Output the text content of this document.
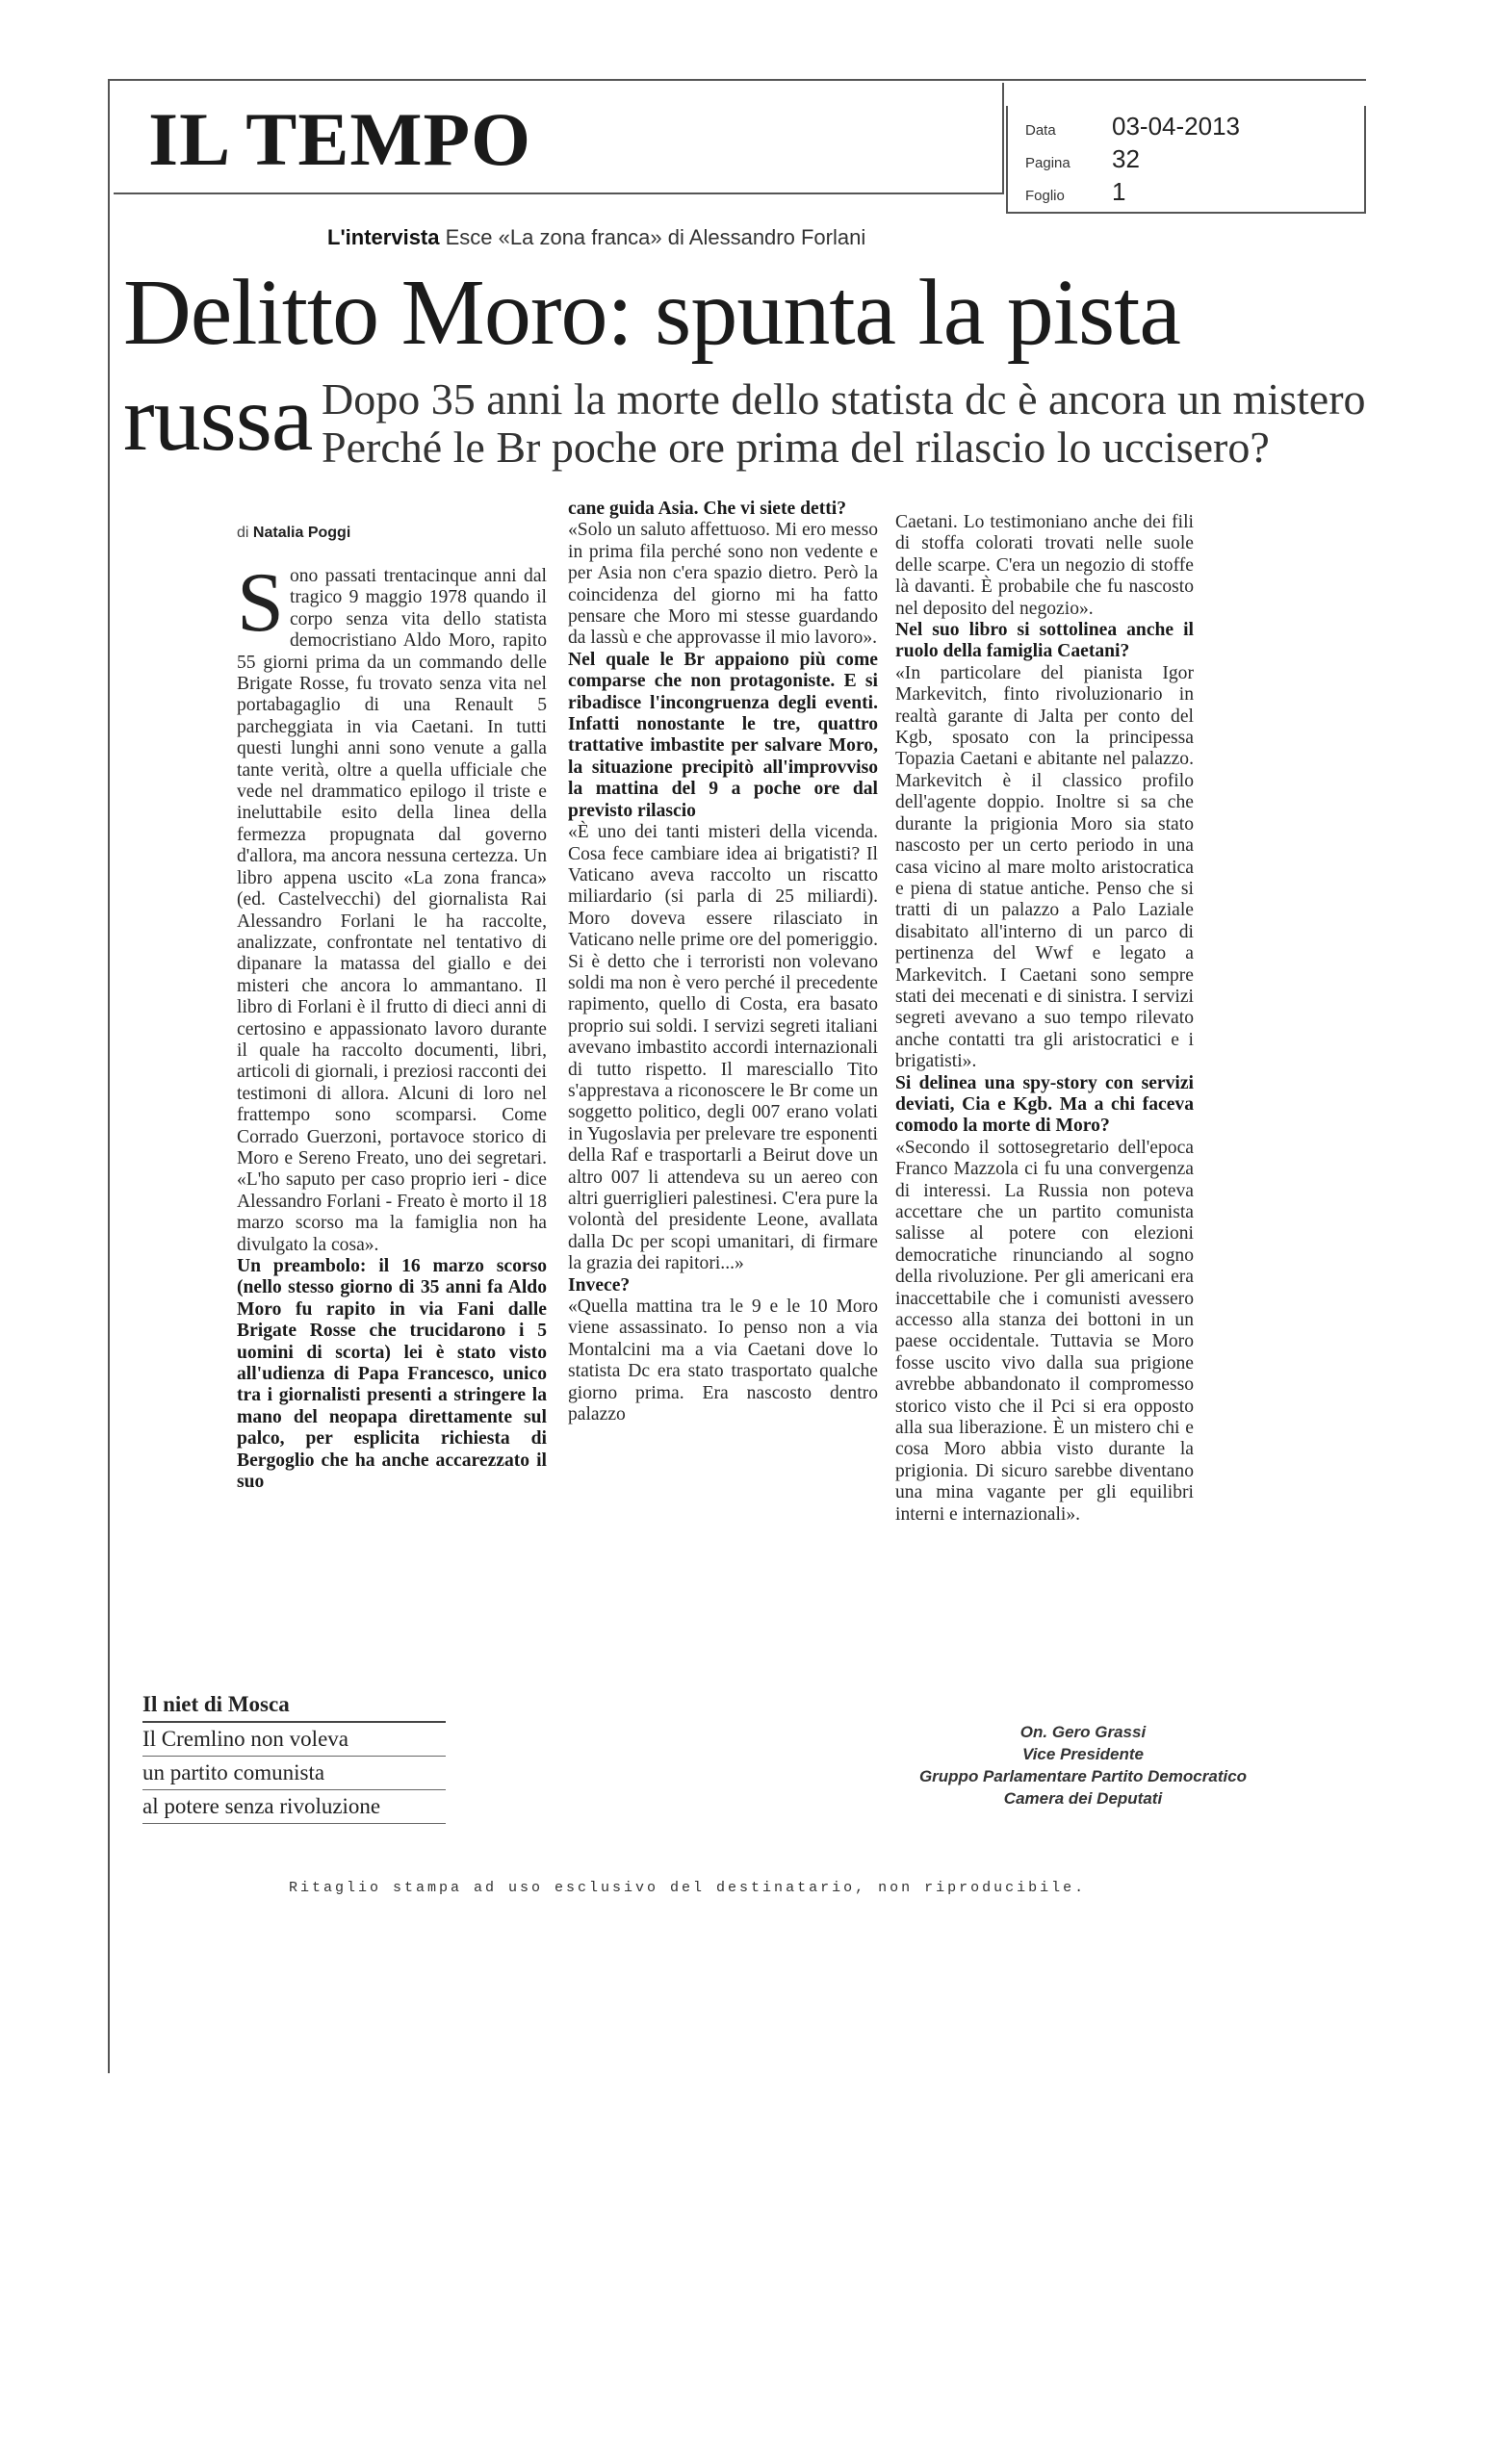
IL TEMPO	Data 03-04-2013
Pagina 32
Foglio 1
L'intervista Esce «La zona franca» di Alessandro Forlani
Delitto Moro: spunta la pista russa Dopo 35 anni la morte dello statista dc è ancora un mistero
Perché le Br poche ore prima del rilascio lo uccisero?
di Natalia Poggi

Sono passati trentacinque anni dal tragico 9 maggio 1978 quando il corpo senza vita dello statista democristiano Aldo Moro, rapito 55 giorni prima da un commando delle Brigate Rosse, fu trovato senza vita nel portabagaglio di una Renault 5 parcheggiata in via Caetani. In tutti questi lunghi anni sono venute a galla tante verità, oltre a quella ufficiale che vede nel drammatico epilogo il triste e ineluttabile esito della linea della fermezza propugnata dal governo d'allora, ma ancora nessuna certezza. Un libro appena uscito «La zona franca» (ed. Castelvecchi) del giornalista Rai Alessandro Forlani le ha raccolte, analizzate, confrontate nel tentativo di dipanare la matassa del giallo e dei misteri che ancora lo ammantano. Il libro di Forlani è il frutto di dieci anni di certosino e appassionato lavoro durante il quale ha raccolto documenti, libri, articoli di giornali, i preziosi racconti dei testimoni di allora. Alcuni di loro nel frattempo sono scomparsi. Come Corrado Guerzoni, portavoce storico di Moro e Sereno Freato, uno dei segretari. «L'ho saputo per caso proprio ieri - dice Alessandro Forlani - Freato è morto il 18 marzo scorso ma la famiglia non ha divulgato la cosa».

Un preambolo: il 16 marzo scorso (nello stesso giorno di 35 anni fa Aldo Moro fu rapito in via Fani dalle Brigate Rosse che trucidarono i 5 uomini di scorta) lei è stato visto all'udienza di Papa Francesco, unico tra i giornalisti presenti a stringere la mano del neopapa direttamente sul palco, per esplicita richiesta di Bergoglio che ha anche accarezzato il suo

cane guida Asia. Che vi siete detti?

«Solo un saluto affettuoso. Mi ero messo in prima fila perché sono non vedente e per Asia non c'era spazio dietro. Però la coincidenza del giorno mi ha fatto pensare che Moro mi stesse guardando da lassù e che approvasse il mio lavoro».

Nel quale le Br appaiono più come comparse che non protagoniste. E si ribadisce l'incongruenza degli eventi. Infatti nonostante le tre, quattro trattative imbastite per salvare Moro, la situazione precipitò all'improvviso la mattina del 9 a poche ore dal previsto rilascio

«È uno dei tanti misteri della vicenda. Cosa fece cambiare idea ai brigatisti? Il Vaticano aveva raccolto un riscatto miliardario (si parla di 25 miliardi). Moro doveva essere rilasciato in Vaticano nelle prime ore del pomeriggio. Si è detto che i terroristi non volevano soldi ma non è vero perché il precedente rapimento, quello di Costa, era basato proprio sui soldi. I servizi segreti italiani avevano imbastito accordi internazionali di tutto rispetto. Il maresciallo Tito s'apprestava a riconoscere le Br come un soggetto politico, degli 007 erano volati in Yugoslavia per prelevare tre esponenti della Raf e trasportarli a Beirut dove un altro 007 li attendeva su un aereo con altri guerriglieri palestinesi. C'era pure la volontà del presidente Leone, avallata dalla Dc per scopi umanitari, di firmare la grazia dei rapitori...»

Invece?

«Quella mattina tra le 9 e le 10 Moro viene assassinato. Io penso non a via Montalcini ma a via Caetani dove lo statista Dc era stato trasportato qualche giorno prima. Era nascosto dentro palazzo

Caetani. Lo testimoniano anche dei fili di stoffa colorati trovati nelle suole delle scarpe. C'era un negozio di stoffe là davanti. È probabile che fu nascosto nel deposito del negozio».

Nel suo libro si sottolinea anche il ruolo della famiglia Caetani?

«In particolare del pianista Igor Markevitch, finto rivoluzionario in realtà garante di Jalta per conto del Kgb, sposato con la principessa Topazia Caetani e abitante nel palazzo. Markevitch è il classico profilo dell'agente doppio. Inoltre si sa che durante la prigionia Moro sia stato nascosto per un certo periodo in una casa vicino al mare molto aristocratica e piena di statue antiche. Penso che si tratti di un palazzo a Palo Laziale disabitato all'interno di un parco di pertinenza del Wwf e legato a Markevitch. I Caetani sono sempre stati dei mecenati e di sinistra. I servizi segreti avevano a suo tempo rilevato anche contatti tra gli aristocratici e i brigatisti».

Si delinea una spy-story con servizi deviati, Cia e Kgb. Ma a chi faceva comodo la morte di Moro?

«Secondo il sottosegretario dell'epoca Franco Mazzola ci fu una convergenza di interessi. La Russia non poteva accettare che un partito comunista salisse al potere con elezioni democratiche rinunciando al sogno della rivoluzione. Per gli americani era inaccettabile che i comunisti avessero accesso alla stanza dei bottoni in un paese occidentale. Tuttavia se Moro fosse uscito vivo dalla sua prigione avrebbe abbandonato il compromesso storico visto che il Pci si era opposto alla sua liberazione. È un mistero chi e cosa Moro abbia visto durante la prigionia. Di sicuro sarebbe diventano una mina vagante per gli equilibri interni e internazionali».

Il niet di Mosca
Il Cremlino non voleva
un partito comunista
al potere senza rivoluzione
On. Gero Grassi
Vice Presidente
Gruppo Parlamentare Partito Democratico
Camera dei Deputati
Ritaglio stampa ad uso esclusivo del destinatario, non riproducibile.
